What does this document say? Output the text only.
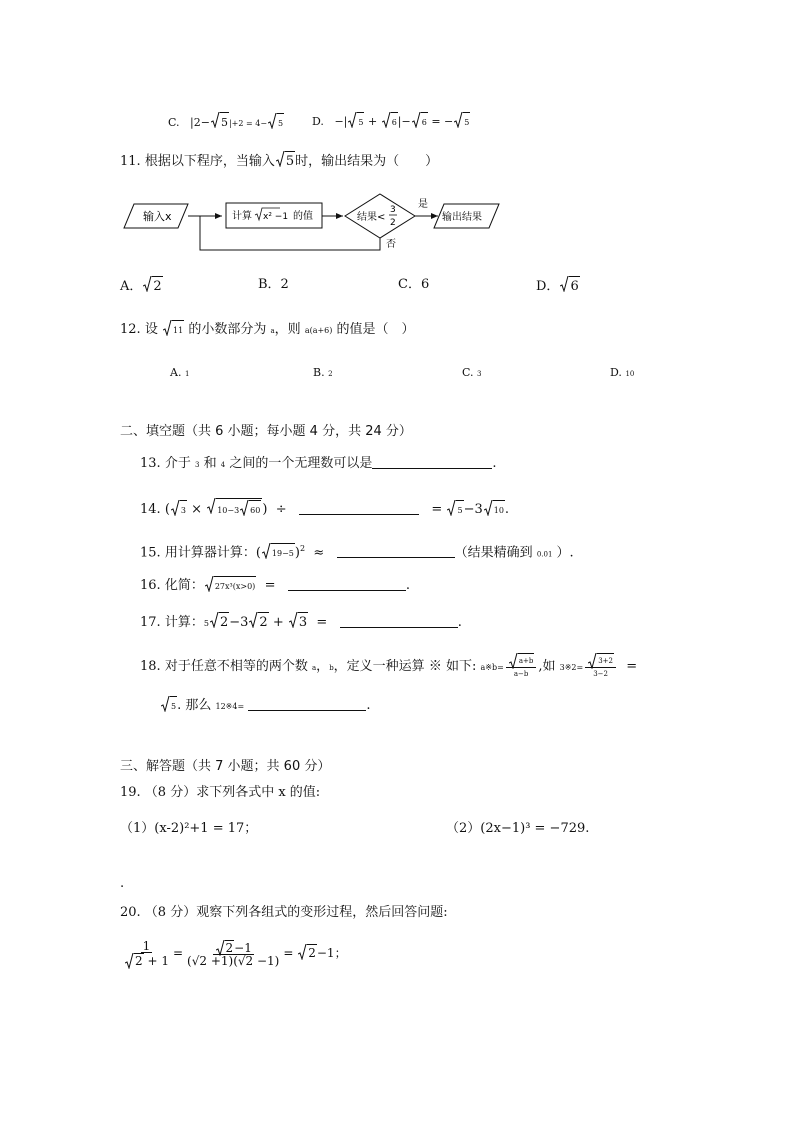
C. |2− 5|+2 = 4− 5	D. −| 5 + 6|− 6 = − 5
11. 根据以下程序，当输入 5时，输出结果为（　　）
输入x	计算 x² −1 的值	结果<
3
2
是
输出结果
否
A． 2	B．2	C．6	D． 6
12. 设 11 的小数部分为 a，则 a(a+6) 的值是（　）
A. 1	B. 2	C. 3	D. 10
二、填空题（共 6 小题；每小题 4 分，共 24 分）
13. 介于 3 和 4 之间的一个无理数可以是	.
14. ( 3 × 10−3 60 )  ÷	= 5−3 10.
15. 用计算器计算：( 19−5)$^2$ ≈	（结果精确到 0.01 ）.
16. 化简： 27x³(x>0) =	.
17. 计算：5 2−3 2 + 3 =	.
18. 对于任意不相等的两个数 a，b，定义一种运算 ※ 如下: a※b= $\frac{a+b}{a-b}$ ,如 3※2= $\frac{3+2}{3-2}$ =
5. 那么 12※4=	.
三、解答题（共 7 小题；共 60 分）
19. （8 分）求下列各式中 x 的值:
（1）(x-2)²+1 = 17；	（2）(2x−1)³ = −729.
.
20. （8 分）观察下列各组式的变形过程，然后回答问题:
$\frac{1}{2 + 1} = \frac{2-1}{(√2 +1)(√2 -1)} = 2-1$；
